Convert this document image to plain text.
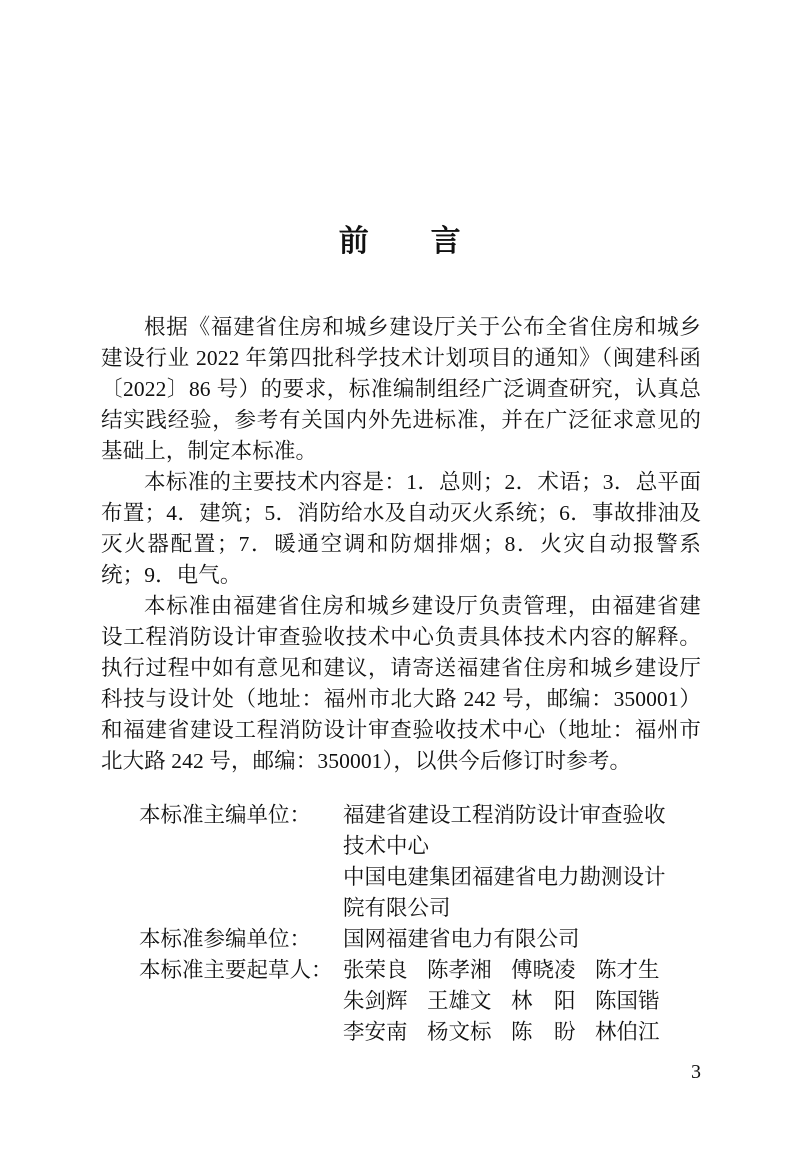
前　　言

根据《福建省住房和城乡建设厅关于公布全省住房和城乡建设行业 2022 年第四批科学技术计划项目的通知》（闽建科函〔2022〕86 号）的要求，标准编制组经广泛调查研究，认真总结实践经验，参考有关国内外先进标准，并在广泛征求意见的基础上，制定本标准。

本标准的主要技术内容是：1．总则；2．术语；3．总平面布置；4．建筑；5．消防给水及自动灭火系统；6．事故排油及灭火器配置；7．暖通空调和防烟排烟；8．火灾自动报警系统；9．电气。

本标准由福建省住房和城乡建设厅负责管理，由福建省建设工程消防设计审查验收技术中心负责具体技术内容的解释。执行过程中如有意见和建议，请寄送福建省住房和城乡建设厅科技与设计处（地址：福州市北大路 242 号，邮编：350001）和福建省建设工程消防设计审查验收技术中心（地址：福州市北大路 242 号，邮编：350001），以供今后修订时参考。

本标准主编单位：	福建省建设工程消防设计审查验收
技术中心
中国电建集团福建省电力勘测设计
院有限公司
本标准参编单位：	国网福建省电力有限公司
本标准主要起草人： 张荣良 陈孝湘 傅晓凌 陈才生
朱剑辉 王雄文 林　阳 陈国锴
李安南 杨文标 陈　盼 林伯江
3
